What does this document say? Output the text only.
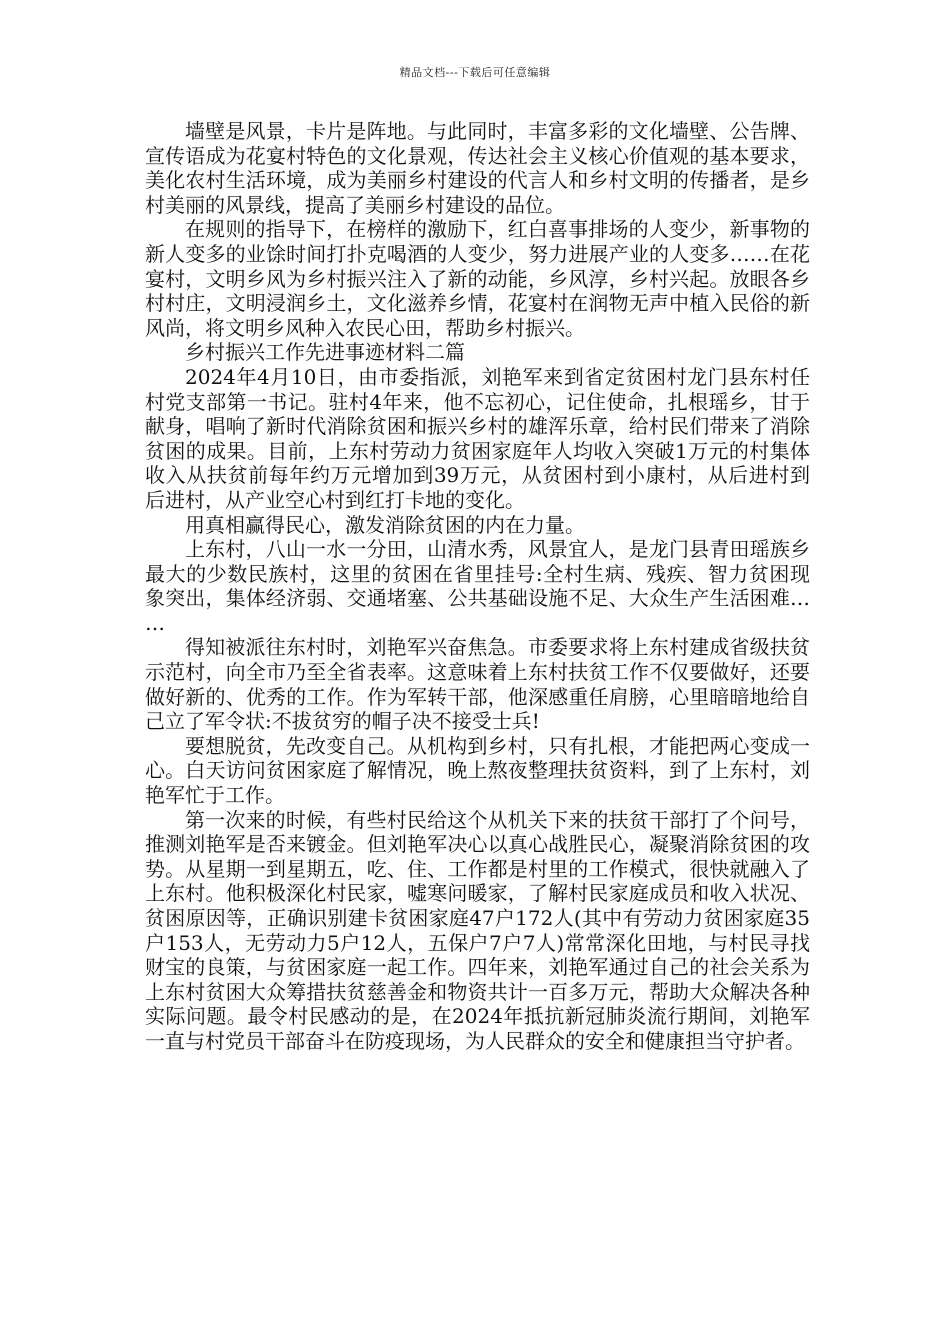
精品文档---下载后可任意编辑

墙壁是风景，卡片是阵地。与此同时，丰富多彩的文化墙壁、公告牌、宣传语成为花宴村特色的文化景观，传达社会主义核心价值观的基本要求，美化农村生活环境，成为美丽乡村建设的代言人和乡村文明的传播者，是乡村美丽的风景线，提高了美丽乡村建设的品位。

在规则的指导下，在榜样的激励下，红白喜事排场的人变少，新事物的新人变多的业馀时间打扑克喝酒的人变少，努力进展产业的人变多……在花宴村，文明乡风为乡村振兴注入了新的动能，乡风淳，乡村兴起。放眼各乡村村庄，文明浸润乡土，文化滋养乡情，花宴村在润物无声中植入民俗的新风尚，将文明乡风种入农民心田，帮助乡村振兴。

乡村振兴工作先进事迹材料二篇

2024年4月10日，由市委指派，刘艳军来到省定贫困村龙门县东村任村党支部第一书记。驻村4年来，他不忘初心，记住使命，扎根瑶乡，甘于献身，唱响了新时代消除贫困和振兴乡村的雄浑乐章，给村民们带来了消除贫困的成果。目前，上东村劳动力贫困家庭年人均收入突破1万元的村集体收入从扶贫前每年约万元增加到39万元，从贫困村到小康村，从后进村到后进村，从产业空心村到红打卡地的变化。

用真相赢得民心，激发消除贫困的内在力量。

上东村，八山一水一分田，山清水秀，风景宜人，是龙门县青田瑶族乡最大的少数民族村，这里的贫困在省里挂号:全村生病、残疾、智力贫困现象突出，集体经济弱、交通堵塞、公共基础设施不足、大众生产生活困难……

得知被派往东村时，刘艳军兴奋焦急。市委要求将上东村建成省级扶贫示范村，向全市乃至全省表率。这意味着上东村扶贫工作不仅要做好，还要做好新的、优秀的工作。作为军转干部，他深感重任肩膀，心里暗暗地给自己立了军令状:不拔贫穷的帽子决不接受士兵!

要想脱贫，先改变自己。从机构到乡村，只有扎根，才能把两心变成一心。白天访问贫困家庭了解情况，晚上熬夜整理扶贫资料，到了上东村，刘艳军忙于工作。

第一次来的时候，有些村民给这个从机关下来的扶贫干部打了个问号，推测刘艳军是否来镀金。但刘艳军决心以真心战胜民心，凝聚消除贫困的攻势。从星期一到星期五，吃、住、工作都是村里的工作模式，很快就融入了上东村。他积极深化村民家，嘘寒问暖家，了解村民家庭成员和收入状况、贫困原因等，正确识别建卡贫困家庭47户172人(其中有劳动力贫困家庭35户153人，无劳动力5户12人，五保户7户7人)常常深化田地，与村民寻找财宝的良策，与贫困家庭一起工作。四年来，刘艳军通过自己的社会关系为上东村贫困大众筹措扶贫慈善金和物资共计一百多万元，帮助大众解决各种实际问题。最令村民感动的是，在2024年抵抗新冠肺炎流行期间，刘艳军一直与村党员干部奋斗在防疫现场，为人民群众的安全和健康担当守护者。
